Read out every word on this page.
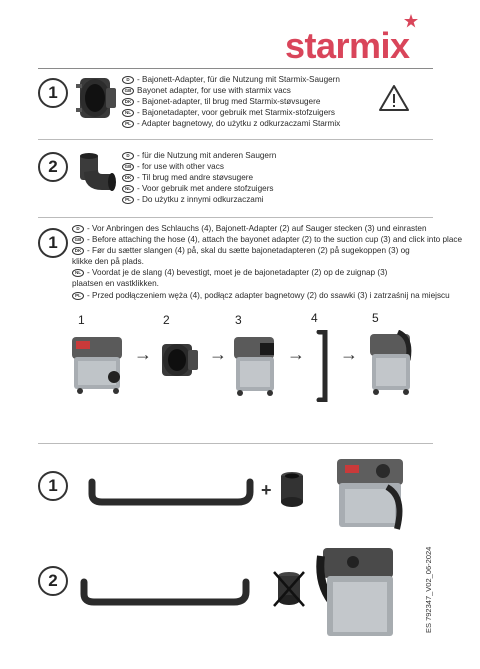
starmix
1
D - Bajonett-Adapter, für die Nutzung mit Starmix-Saugern
GB Bayonet adapter, for use with starmix vacs
DK - Bajonet-adapter, til brug med Starmix-støvsugere
NL - Bajonetadapter, voor gebruik met Starmix-stofzuigers
PL - Adapter bagnetowy, do użytku z odkurzaczami Starmix
2
D - für die Nutzung mit anderen Saugern
GB - for use with other vacs
DK - Til brug med andre støvsugere
NL - Voor gebruik met andere stofzuigers
PL - Do użytku z innymi odkurzaczami
1
D - Vor Anbringen des Schlauchs (4), Bajonett-Adapter (2) auf Sauger stecken (3) und einrasten
GB - Before attaching the hose (4), attach the bayonet adapter (2) to the suction cup (3) and click into place
DK - Før du sætter slangen (4) på, skal du sætte bajonetadapteren (2) på sugekoppen (3) og klikke den på plads.
NL - Voordat je de slang (4) bevestigt, moet je de bajonetadapter (2) op de zuignap (3) plaatsen en vastklikken.
PL - Przed podłączeniem węża (4), podłącz adapter bagnetowy (2) do ssawki (3) i zatrzaśnij na miejscu
1	2	3	4	5
→	→	→ →
1	+
2	ES 792347_V02_06-2024
